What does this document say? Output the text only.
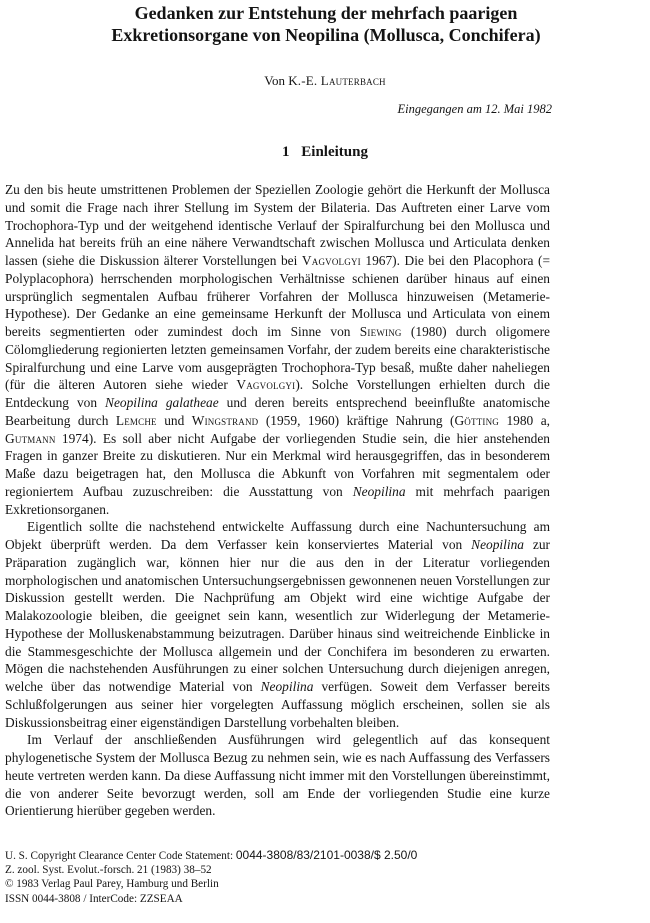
Gedanken zur Entstehung der mehrfach paarigen
Exkretionsorgane von Neopilina (Mollusca, Conchifera)
Von K.-E. Lauterbach
Eingegangen am 12. Mai 1982
1 Einleitung

Zu den bis heute umstrittenen Problemen der Speziellen Zoologie gehört die Herkunft der Mollusca und somit die Frage nach ihrer Stellung im System der Bilateria. Das Auftreten einer Larve vom Trochophora-Typ und der weitgehend identische Verlauf der Spiralfurchung bei den Mollusca und Annelida hat bereits früh an eine nähere Verwandtschaft zwischen Mollusca und Articulata denken lassen (siehe die Diskussion älterer Vorstellungen bei Vagvolgyi 1967). Die bei den Placophora (= Polyplacophora) herrschenden morphologischen Verhältnisse schienen darüber hinaus auf einen ursprünglich segmentalen Aufbau früherer Vorfahren der Mollusca hinzuweisen (Metamerie-Hypothese). Der Gedanke an eine gemeinsame Herkunft der Mollusca und Articulata von einem bereits segmentierten oder zumindest doch im Sinne von Siewing (1980) durch oligomere Cölomgliederung regionierten letzten gemeinsamen Vorfahr, der zudem bereits eine charakteristische Spiralfurchung und eine Larve vom ausgeprägten Trochophora-Typ besaß, mußte daher naheliegen (für die älteren Autoren siehe wieder Vagvolgyi). Solche Vorstellungen erhielten durch die Entdeckung von Neopilina galatheae und deren bereits entsprechend beeinflußte anatomische Bearbeitung durch Lemche und Wingstrand (1959, 1960) kräftige Nahrung (Götting 1980 a, Gutmann 1974). Es soll aber nicht Aufgabe der vorliegenden Studie sein, die hier anstehenden Fragen in ganzer Breite zu diskutieren. Nur ein Merkmal wird herausgegriffen, das in besonderem Maße dazu beigetragen hat, den Mollusca die Abkunft von Vorfahren mit segmentalem oder regioniertem Aufbau zuzuschreiben: die Ausstattung von Neopilina mit mehrfach paarigen Exkretionsorganen.

Eigentlich sollte die nachstehend entwickelte Auffassung durch eine Nachuntersuchung am Objekt überprüft werden. Da dem Verfasser kein konserviertes Material von Neopilina zur Präparation zugänglich war, können hier nur die aus den in der Literatur vorliegenden morphologischen und anatomischen Untersuchungsergebnissen gewonnenen neuen Vorstellungen zur Diskussion gestellt werden. Die Nachprüfung am Objekt wird eine wichtige Aufgabe der Malakozoologie bleiben, die geeignet sein kann, wesentlich zur Widerlegung der Metamerie-Hypothese der Molluskenabstammung beizutragen. Darüber hinaus sind weitreichende Einblicke in die Stammesgeschichte der Mollusca allgemein und der Conchifera im besonderen zu erwarten. Mögen die nachstehenden Ausführungen zu einer solchen Untersuchung durch diejenigen anregen, welche über das notwendige Material von Neopilina verfügen. Soweit dem Verfasser bereits Schlußfolgerungen aus seiner hier vorgelegten Auffassung möglich erscheinen, sollen sie als Diskussionsbeitrag einer eigenständigen Darstellung vorbehalten bleiben.

Im Verlauf der anschließenden Ausführungen wird gelegentlich auf das konsequent phylogenetische System der Mollusca Bezug zu nehmen sein, wie es nach Auffassung des Verfassers heute vertreten werden kann. Da diese Auffassung nicht immer mit den Vorstellungen übereinstimmt, die von anderer Seite bevorzugt werden, soll am Ende der vorliegenden Studie eine kurze Orientierung hierüber gegeben werden.

U. S. Copyright Clearance Center Code Statement: 0044-3808/83/2101-0038/$ 2.50/0
Z. zool. Syst. Evolut.-forsch. 21 (1983) 38–52
© 1983 Verlag Paul Parey, Hamburg und Berlin
ISSN 0044-3808 / InterCode: ZZSEAA
